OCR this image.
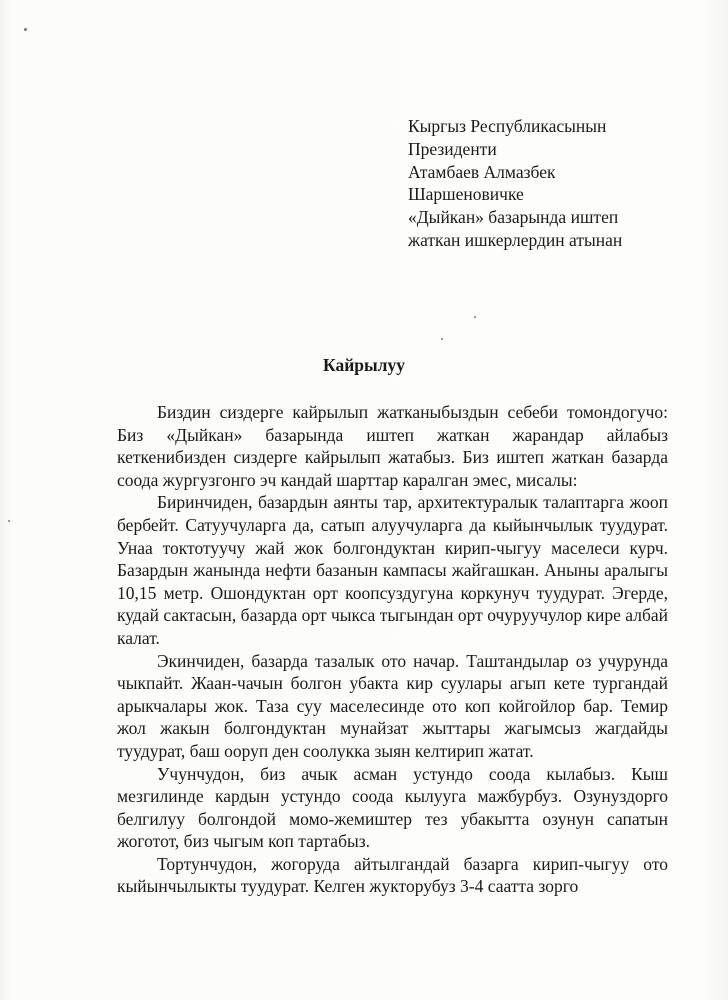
Кыргыз Республикасынын
Президенти
Атамбаев Алмазбек
Шаршеновичке
«Дыйкан» базарында иштеп
жаткан ишкерлердин атынан
Кайрылуу

Биздин сиздерге кайрылып жатканыбыздын себеби томондогучо: Биз «Дыйкан» базарында иштеп жаткан жарандар айлабыз кеткенибизден сиздерге кайрылып жатабыз. Биз иштеп жаткан базарда соода жургузгонго эч кандай шарттар каралган эмес, мисалы:

Биринчиден, базардын аянты тар, архитектуралык талаптарга жооп бербейт. Сатуучуларга да, сатып алуучуларга да кыйынчылык туудурат. Унаа токтотуучу жай жок болгондуктан кирип-чыгуу маселеси курч. Базардын жанында нефти базанын кампасы жайгашкан. Аныны аралыгы 10,15 метр. Ошондуктан орт коопсуздугуна коркунуч туудурат. Эгерде, кудай сактасын, базарда орт чыкса тыгындан орт очуруучулор кире албай калат.

Экинчиден, базарда тазалык ото начар. Таштандылар оз учурунда чыкпайт. Жаан-чачын болгон убакта кир суулары агып кете тургандай арыкчалары жок. Таза суу маселесинде ото коп койгойлор бар. Темир жол жакын болгондуктан мунайзат жыттары жагымсыз жагдайды туудурат, баш ооруп ден соолукка зыян келтирип жатат.

Учунчудон, биз ачык асман устундо соода кылабыз. Кыш мезгилинде кардын устундо соода кылууга мажбурбуз. Озунуздорго белгилуу болгондой момо-жемиштер тез убакытта озунун сапатын жоготот, биз чыгым коп тартабыз.

Тортунчудон, жогоруда айтылгандай базарга кирип-чыгуу ото кыйынчылыкты туудурат. Келген жукторубуз 3-4 саатта зорго
